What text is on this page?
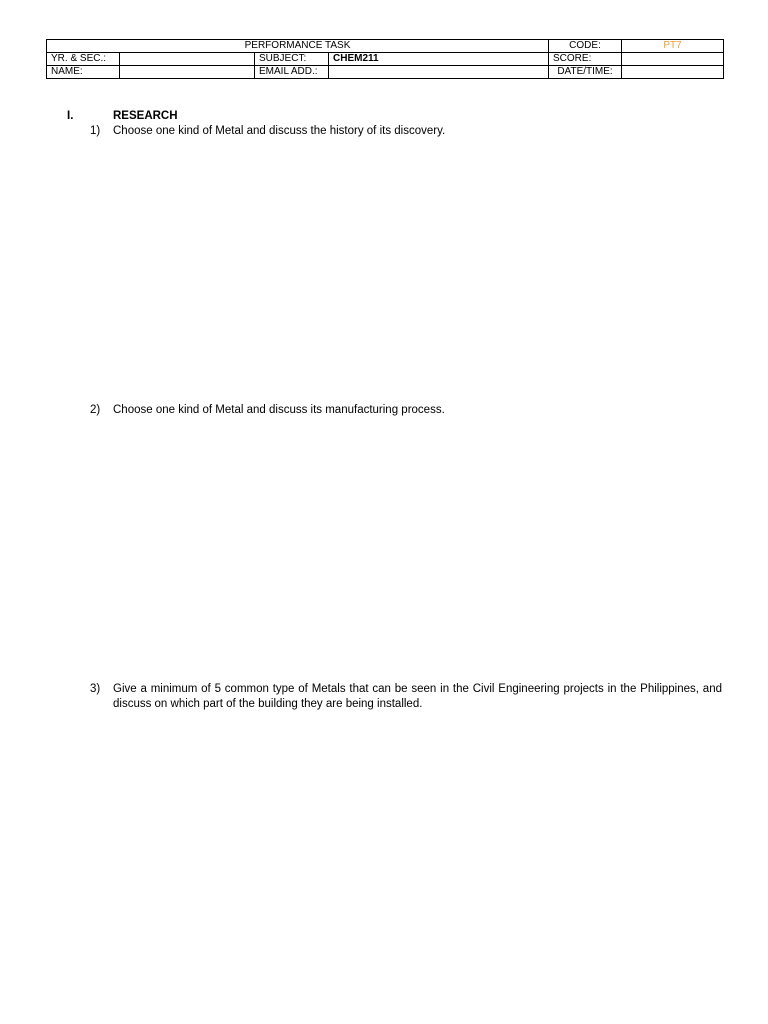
PERFORMANCE TASK				CODE:	PT7
YR. & SEC.:		SUBJECT:	CHEM211	SCORE:	
NAME:		EMAIL ADD.:		DATE/TIME:	
I.	RESEARCH
1) Choose one kind of Metal and discuss the history of its discovery.
2) Choose one kind of Metal and discuss its manufacturing process.
3) Give a minimum of 5 common type of Metals that can be seen in the Civil Engineering projects in the Philippines, and discuss on which part of the building they are being installed.
